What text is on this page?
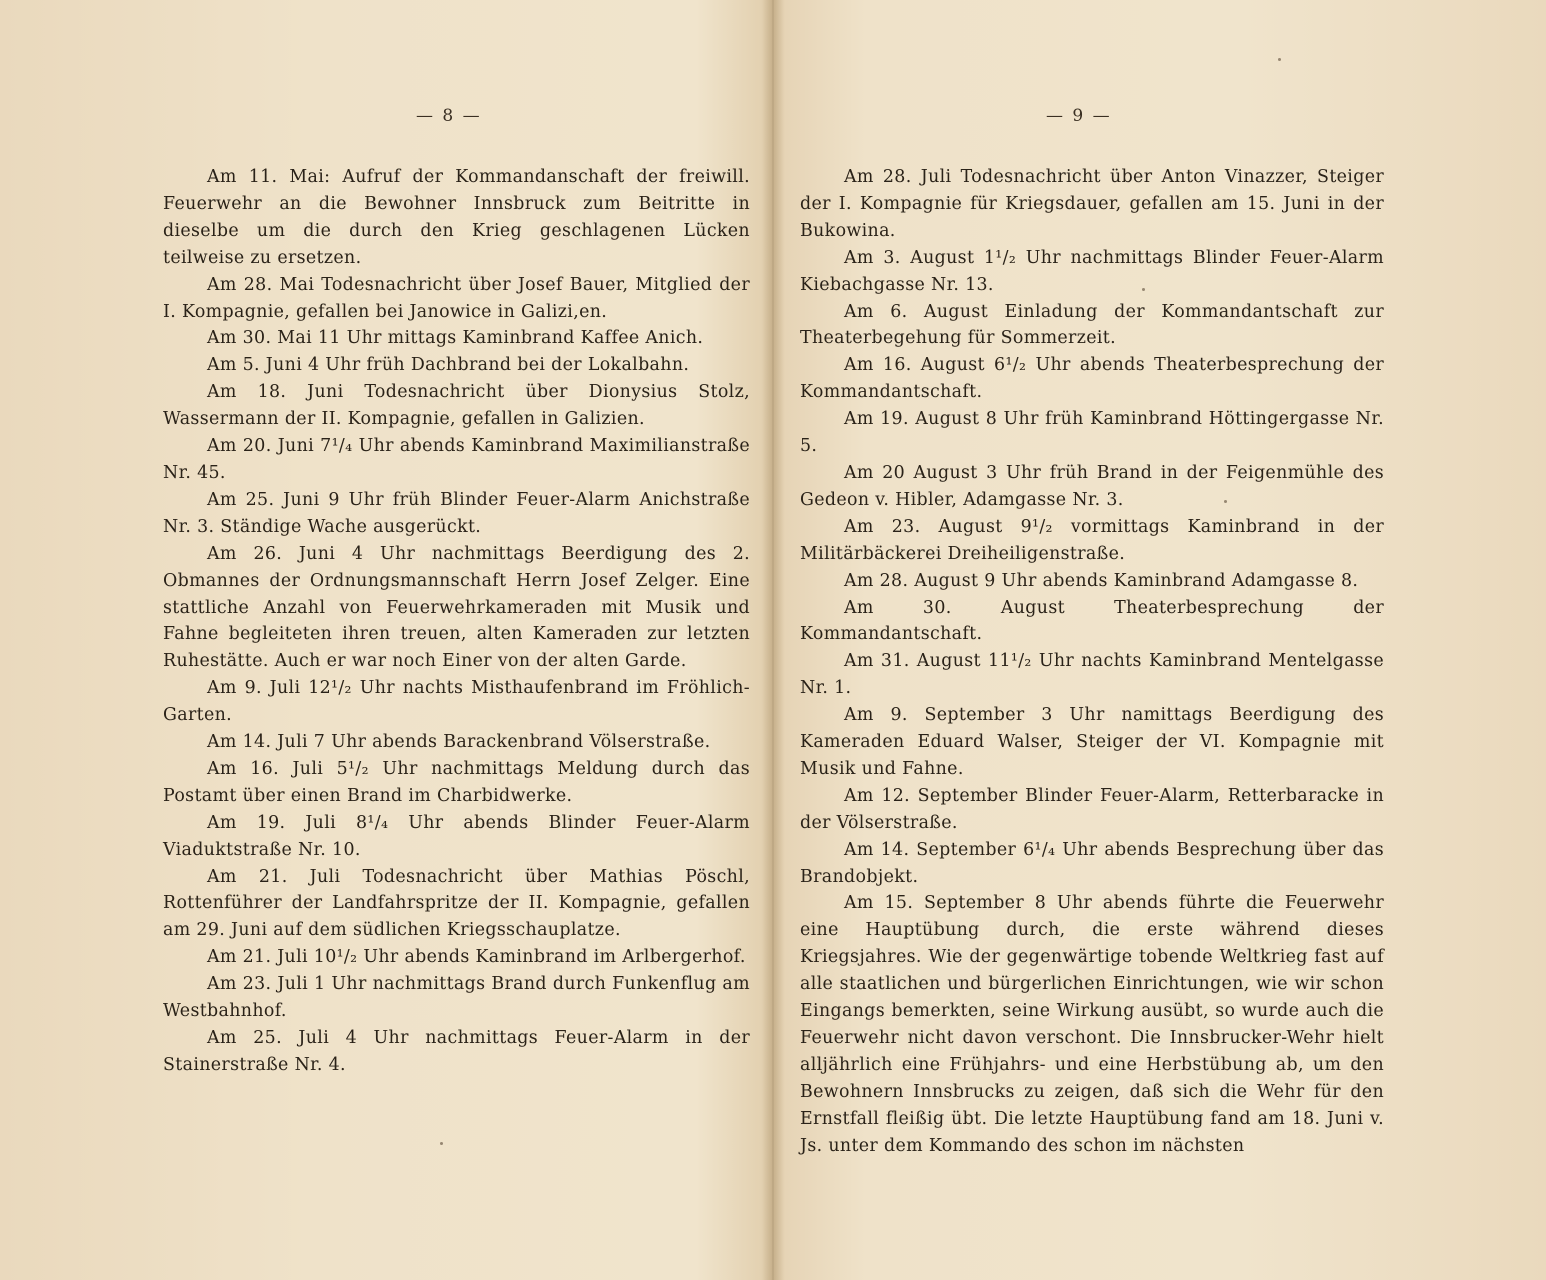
— 8 —

Am 11. Mai: Aufruf der Kommandanschaft der freiwill. Feuerwehr an die Bewohner Innsbruck zum Beitritte in dieselbe um die durch den Krieg geschlagenen Lücken teilweise zu ersetzen.

Am 28. Mai Todesnachricht über Josef Bauer, Mitglied der I. Kompagnie, gefallen bei Janowice in Galizi,en.

Am 30. Mai 11 Uhr mittags Kaminbrand Kaffee Anich.

Am 5. Juni 4 Uhr früh Dachbrand bei der Lokalbahn.

Am 18. Juni Todesnachricht über Dionysius Stolz, Wassermann der II. Kompagnie, gefallen in Galizien.

Am 20. Juni 7¹/₄ Uhr abends Kaminbrand Maximilianstraße Nr. 45.

Am 25. Juni 9 Uhr früh Blinder Feuer-Alarm Anichstraße Nr. 3. Ständige Wache ausgerückt.

Am 26. Juni 4 Uhr nachmittags Beerdigung des 2. Obmannes der Ordnungsmannschaft Herrn Josef Zelger. Eine stattliche Anzahl von Feuerwehrkameraden mit Musik und Fahne begleiteten ihren treuen, alten Kameraden zur letzten Ruhestätte. Auch er war noch Einer von der alten Garde.

Am 9. Juli 12¹/₂ Uhr nachts Misthaufenbrand im Fröhlich-Garten.

Am 14. Juli 7 Uhr abends Barackenbrand Völserstraße.

Am 16. Juli 5¹/₂ Uhr nachmittags Meldung durch das Postamt über einen Brand im Charbidwerke.

Am 19. Juli 8¹/₄ Uhr abends Blinder Feuer-Alarm Viaduktstraße Nr. 10.

Am 21. Juli Todesnachricht über Mathias Pöschl, Rottenführer der Landfahrspritze der II. Kompagnie, gefallen am 29. Juni auf dem südlichen Kriegsschauplatze.

Am 21. Juli 10¹/₂ Uhr abends Kaminbrand im Arlbergerhof.

Am 23. Juli 1 Uhr nachmittags Brand durch Funkenflug am Westbahnhof.

Am 25. Juli 4 Uhr nachmittags Feuer-Alarm in der Stainerstraße Nr. 4.

— 9 —

Am 28. Juli Todesnachricht über Anton Vinazzer, Steiger der I. Kompagnie für Kriegsdauer, gefallen am 15. Juni in der Bukowina.

Am 3. August 1¹/₂ Uhr nachmittags Blinder Feuer-Alarm Kiebachgasse Nr. 13.

Am 6. August Einladung der Kommandantschaft zur Theaterbegehung für Sommerzeit.

Am 16. August 6¹/₂ Uhr abends Theaterbesprechung der Kommandantschaft.

Am 19. August 8 Uhr früh Kaminbrand Höttingergasse Nr. 5.

Am 20 August 3 Uhr früh Brand in der Feigenmühle des Gedeon v. Hibler, Adamgasse Nr. 3.

Am 23. August 9¹/₂ vormittags Kaminbrand in der Militärbäckerei Dreiheiligenstraße.

Am 28. August 9 Uhr abends Kaminbrand Adamgasse 8.

Am 30. August Theaterbesprechung der Kommandantschaft.

Am 31. August 11¹/₂ Uhr nachts Kaminbrand Mentelgasse Nr. 1.

Am 9. September 3 Uhr namittags Beerdigung des Kameraden Eduard Walser, Steiger der VI. Kompagnie mit Musik und Fahne.

Am 12. September Blinder Feuer-Alarm, Retterbaracke in der Völserstraße.

Am 14. September 6¹/₄ Uhr abends Besprechung über das Brandobjekt.

Am 15. September 8 Uhr abends führte die Feuerwehr eine Hauptübung durch, die erste während dieses Kriegsjahres. Wie der gegenwärtige tobende Weltkrieg fast auf alle staatlichen und bürgerlichen Einrichtungen, wie wir schon Eingangs bemerkten, seine Wirkung ausübt, so wurde auch die Feuerwehr nicht davon verschont. Die Innsbrucker-Wehr hielt alljährlich eine Frühjahrs- und eine Herbstübung ab, um den Bewohnern Innsbrucks zu zeigen, daß sich die Wehr für den Ernstfall fleißig übt. Die letzte Hauptübung fand am 18. Juni v. Js. unter dem Kommando des schon im nächsten
